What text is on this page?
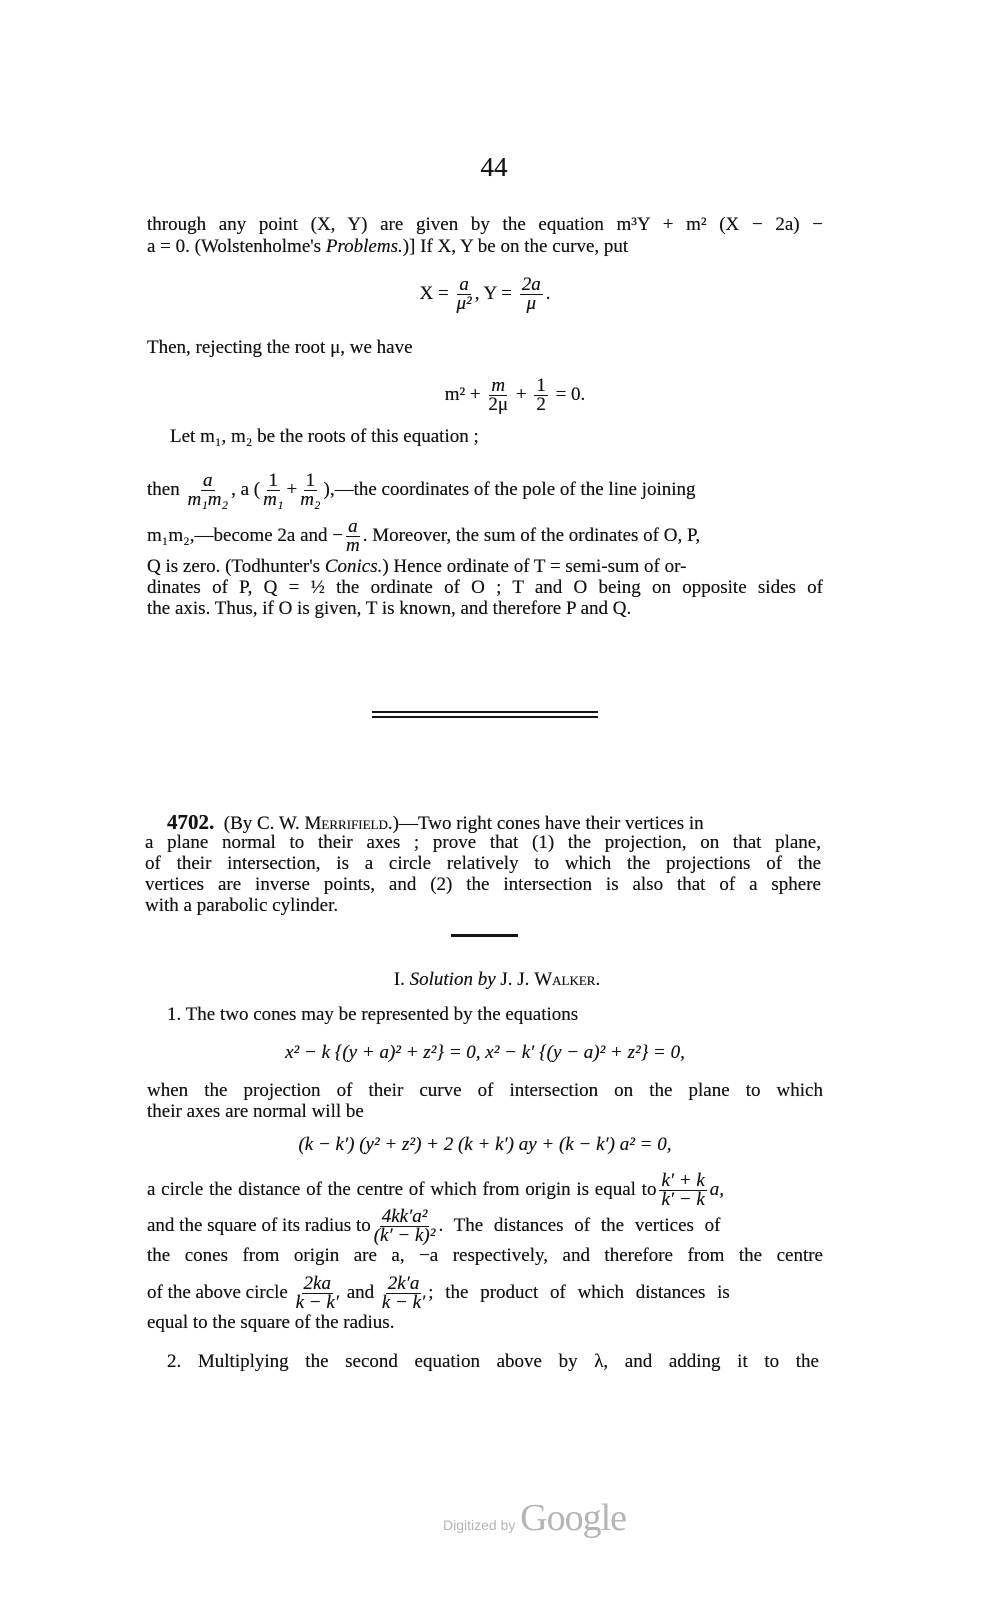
44
through any point (X, Y) are given by the equation m³Y + m² (X − 2a) −
a = 0. (Wolstenholme's Problems.)] If X, Y be on the curve, put
$X = \frac{a}{\text{μ²}}$ , $Y = \frac{2a}{\mu}$ .
Then, rejecting the root μ, we have
$m^2 + \frac{m}{2\mu} + \frac{1}{2} = 0$.
Let m₁, m₂ be the roots of this equation ;
then $\frac{a}{\text{m₁m₂}}$ , a ( $\frac{1}{\text{m₁}} + \frac{1}{\text{m₂}}$ ),—the coordinates of the pole of the line joining
m₁m₂,—become 2a and − $\frac{a}{m}$ . Moreover, the sum of the ordinates of O, P,
Q is zero. (Todhunter's Conics.) Hence ordinate of T = semi-sum of or-
dinates of P, Q = ½ the ordinate of O ; T and O being on opposite sides of
the axis. Thus, if O is given, T is known, and therefore P and Q.
4702. (By C. W. Merrifield.)—Two right cones have their vertices in
a plane normal to their axes ; prove that (1) the projection, on that plane,
of their intersection, is a circle relatively to which the projections of the
vertices are inverse points, and (2) the intersection is also that of a sphere
with a parabolic cylinder.
I. Solution by J. J. Walker.
1. The two cones may be represented by the equations
x² − k {(y + a)² + z²} = 0, x² − k′ {(y − a)² + z²} = 0,
when the projection of their curve of intersection on the plane to which
their axes are normal will be
(k − k′) (y² + z²) + 2 (k + k′) ay + (k − k′) a² = 0,
a circle the distance of the centre of which from origin is equal to $\frac{k' + k}{k' - k} a$,
and the square of its radius to $\frac{\text{4kk′a²}}{\text{(k′ − k)²}}$ . The distances of the vertices of
the cones from origin are a, −a respectively, and therefore from the centre
of the above circle $\frac{2ka}{k - k'}$ and $\frac{2k'a}{k - k'}$ ; the product of which distances is
equal to the square of the radius.
2. Multiplying the second equation above by λ, and adding it to the
Digitized by Google
